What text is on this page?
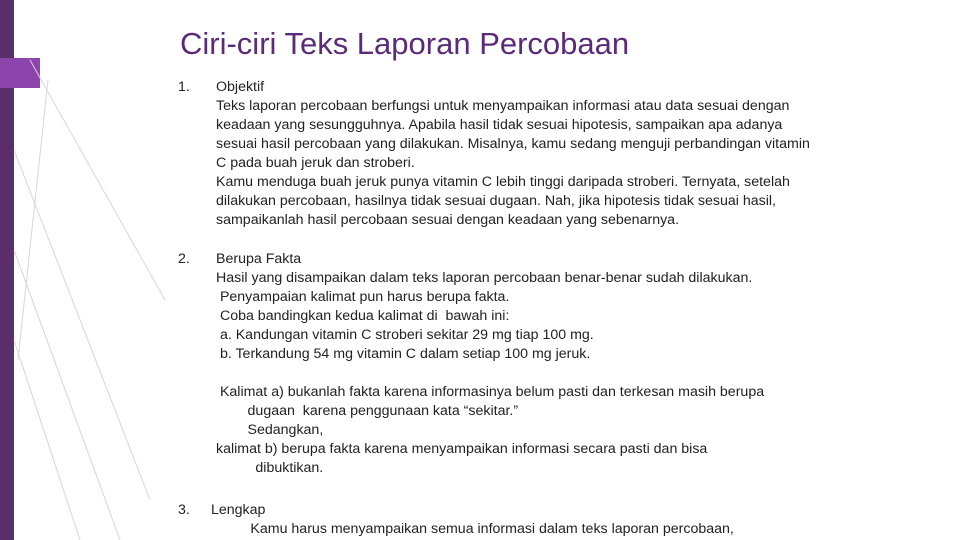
Ciri-ciri Teks Laporan Percobaan
1.	Objektif
Teks laporan percobaan berfungsi untuk menyampaikan informasi atau data sesuai dengan
keadaan yang sesungguhnya. Apabila hasil tidak sesuai hipotesis, sampaikan apa adanya
sesuai hasil percobaan yang dilakukan. Misalnya, kamu sedang menguji perbandingan vitamin
C pada buah jeruk dan stroberi.
Kamu menduga buah jeruk punya vitamin C lebih tinggi daripada stroberi. Ternyata, setelah
dilakukan percobaan, hasilnya tidak sesuai dugaan. Nah, jika hipotesis tidak sesuai hasil,
sampaikanlah hasil percobaan sesuai dengan keadaan yang sebenarnya.
2.	Berupa Fakta
Hasil yang disampaikan dalam teks laporan percobaan benar-benar sudah dilakukan.
Penyampaian kalimat pun harus berupa fakta.
Coba bandingkan kedua kalimat di  bawah ini:
a. Kandungan vitamin C stroberi sekitar 29 mg tiap 100 mg.
b. Terkandung 54 mg vitamin C dalam setiap 100 mg jeruk.
Kalimat a) bukanlah fakta karena informasinya belum pasti dan terkesan masih berupa
dugaan  karena penggunaan kata “sekitar.”
Sedangkan,
kalimat b) berupa fakta karena menyampaikan informasi secara pasti dan bisa
dibuktikan.
3.	Lengkap
Kamu harus menyampaikan semua informasi dalam teks laporan percobaan,
